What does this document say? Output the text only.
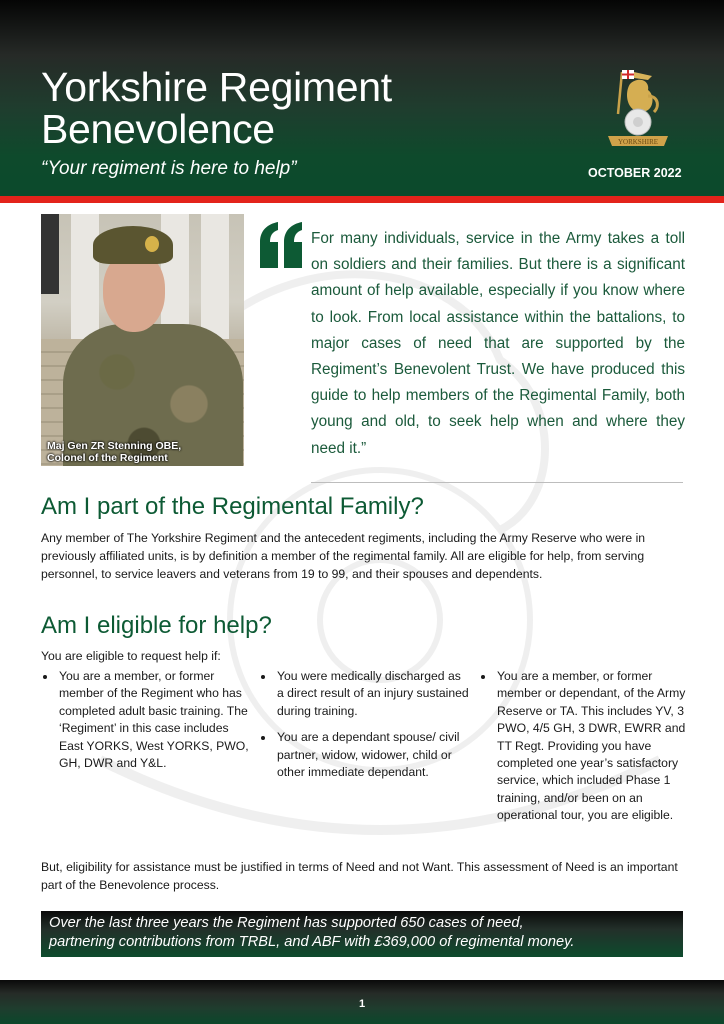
Yorkshire Regiment
Benevolence

“Your regiment is here to help”

YORKSHIRE
OCTOBER 2022
Maj Gen ZR Stenning OBE,
Colonel of the Regiment

For many individuals, service in the Army takes a toll on soldiers and their families. But there is a significant amount of help available, especially if you know where to look. From local assistance within the battalions, to major cases of need that are supported by the Regiment’s Benevolent Trust. We have produced this guide to help members of the Regimental Family, both young and old, to seek help when and where they need it.”

Am I part of the Regimental Family?

Any member of The Yorkshire Regiment and the antecedent regiments, including the Army Reserve who were in previously affiliated units, is by definition a member of the regimental family. All are eligible for help, from serving personnel, to service leavers and veterans from 19 to 99, and their spouses and dependents.

Am I eligible for help?

You are eligible to request help if:

You are a member, or former member of the Regiment who has completed adult basic training. The ‘Regiment’ in this case includes East YORKS, West YORKS, PWO, GH, DWR and Y&L.
You were medically discharged as a direct result of an injury sustained during training.
You are a dependant spouse/ civil partner, widow, widower, child or other immediate dependant.
You are a member, or former member or dependant, of the Army Reserve or TA. This includes YV, 3 PWO, 4/5 GH, 3 DWR, EWRR and TT Regt. Providing you have completed one year’s satisfactory service, which included Phase 1 training, and/or been on an operational tour, you are eligible.

But, eligibility for assistance must be justified in terms of Need and not Want. This assessment of Need is an important part of the Benevolence process.

Over the last three years the Regiment has supported 650 cases of need,
partnering contributions from TRBL, and ABF with £369,000 of regimental money.
1
